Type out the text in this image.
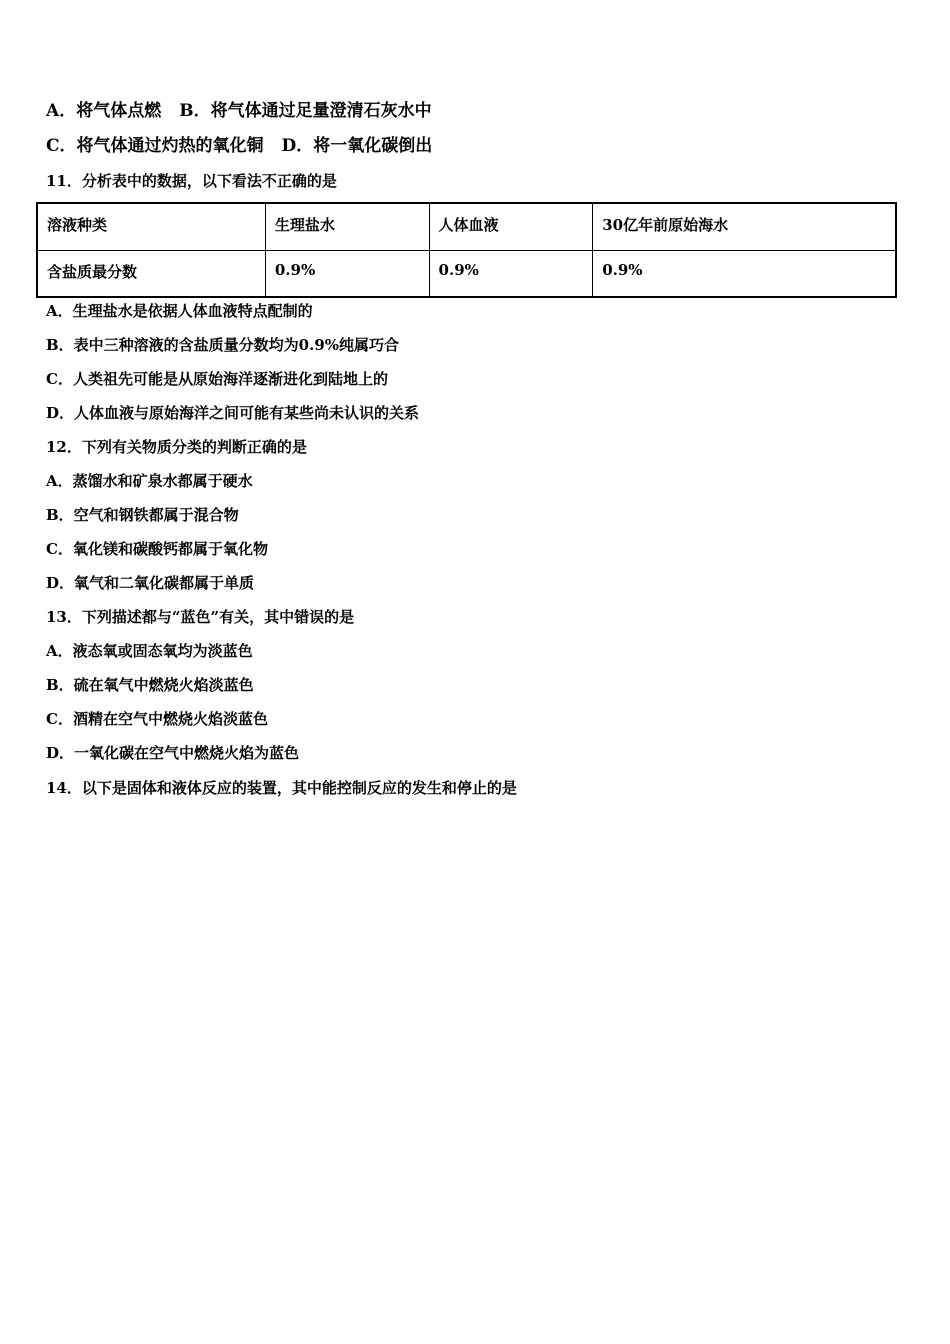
A．将气体点燃 B．将气体通过足量澄清石灰水中
C．将气体通过灼热的氧化铜 D．将一氧化碳倒出
11．分析表中的数据，以下看法不正确的是
溶液种类	生理盐水	人体血液	30亿年前原始海水
含盐质最分数	0.9%	0.9%	0.9%
A．生理盐水是依据人体血液特点配制的
B．表中三种溶液的含盐质量分数均为0.9%纯属巧合
C．人类祖先可能是从原始海洋逐渐进化到陆地上的
D．人体血液与原始海洋之间可能有某些尚未认识的关系
12．下列有关物质分类的判断正确的是
A．蒸馏水和矿泉水都属于硬水
B．空气和钢铁都属于混合物
C．氧化镁和碳酸钙都属于氧化物
D．氧气和二氧化碳都属于单质
13．下列描述都与“蓝色”有关，其中错误的是
A．液态氧或固态氧均为淡蓝色
B．硫在氧气中燃烧火焰淡蓝色
C．酒精在空气中燃烧火焰淡蓝色
D．一氧化碳在空气中燃烧火焰为蓝色
14．以下是固体和液体反应的装置，其中能控制反应的发生和停止的是
